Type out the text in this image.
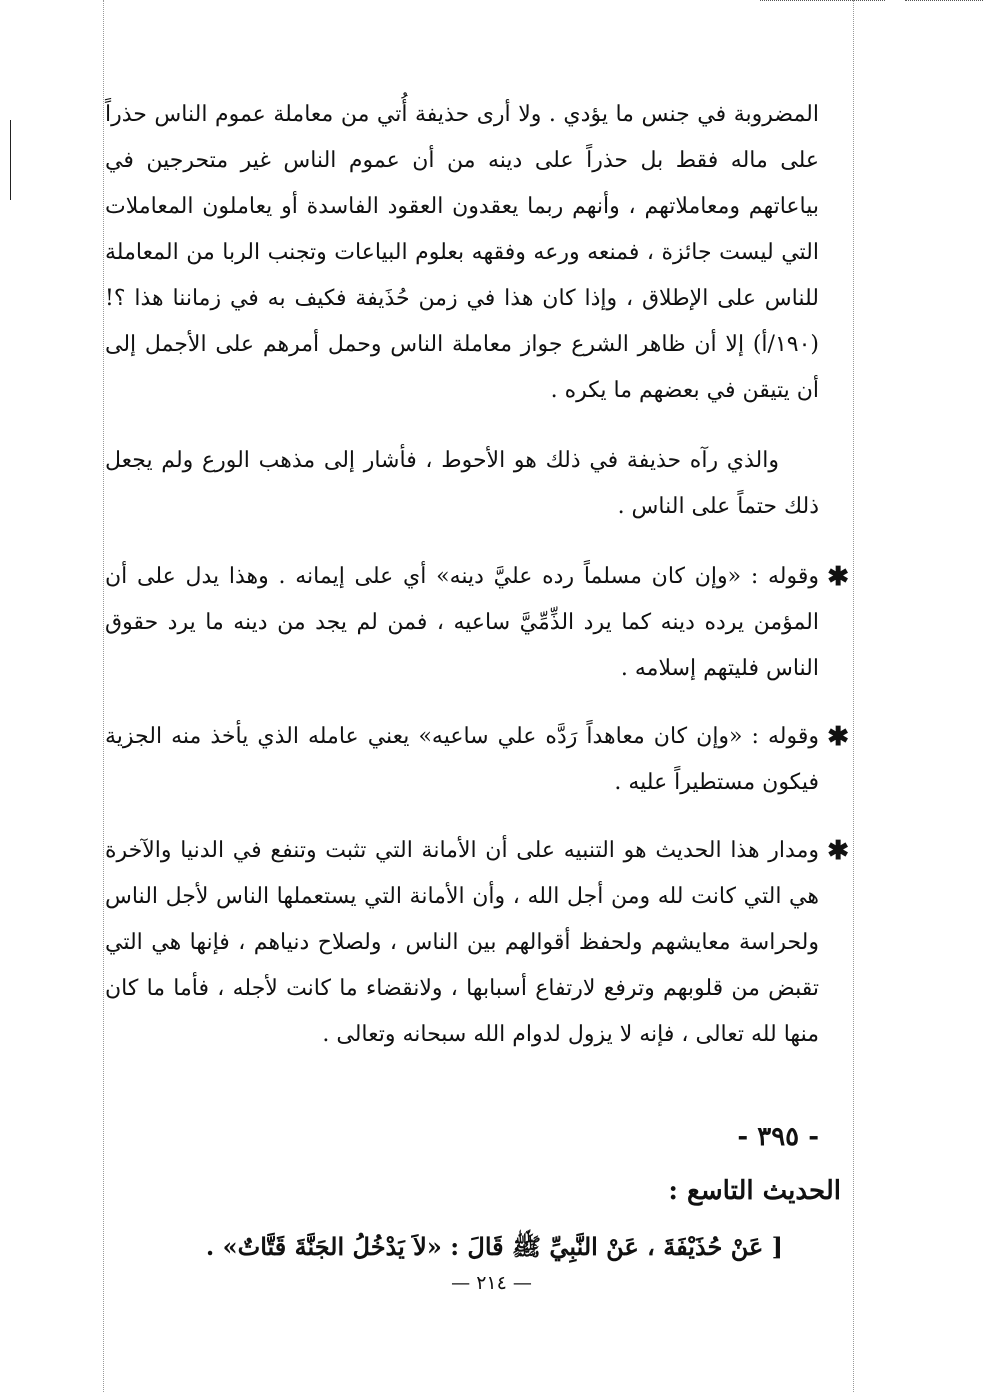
المضروبة في جنس ما يؤدي . ولا أرى حذيفة أُتي من معاملة عموم الناس حذراً على ماله فقط بل حذراً على دينه من أن عموم الناس غير متحرجين في بياعاتهم ومعاملاتهم ، وأنهم ربما يعقدون العقود الفاسدة أو يعاملون المعاملات التي ليست جائزة ، فمنعه ورعه وفقهه بعلوم البياعات وتجنب الربا من المعاملة للناس على الإطلاق ، وإذا كان هذا في زمن حُذَيفة فكيف به في زماننا هذا ؟! (١٩٠/أ) إلا أن ظاهر الشرع جواز معاملة الناس وحمل أمرهم على الأجمل إلى أن يتيقن في بعضهم ما يكره .

والذي رآه حذيفة في ذلك هو الأحوط ، فأشار إلى مذهب الورع ولم يجعل ذلك حتماً على الناس .

✱
وقوله : «وإن كان مسلماً رده عليَّ دينه» أي على إيمانه . وهذا يدل على أن المؤمن يرده دينه كما يرد الذِّمِّيَّ ساعيه ، فمن لم يجد من دينه ما يرد حقوق الناس فليتهم إسلامه .
✱
وقوله : «وإن كان معاهداً رَدَّه علي ساعيه» يعني عامله الذي يأخذ منه الجزية فيكون مستطيراً عليه .
✱
ومدار هذا الحديث هو التنبيه على أن الأمانة التي تثبت وتنفع في الدنيا والآخرة هي التي كانت لله ومن أجل الله ، وأن الأمانة التي يستعملها الناس لأجل الناس ولحراسة معايشهم ولحفظ أقوالهم بين الناس ، ولصلاح دنياهم ، فإنها هي التي تقبض من قلوبهم وترفع لارتفاع أسبابها ، ولانقضاء ما كانت لأجله ، فأما ما كان منها لله تعالى ، فإنه لا يزول لدوام الله سبحانه وتعالى .
- ٣٩٥ -
الحديث التاسع :
[ عَنْ حُذَيْفَةَ ، عَنْ النَّبِيِّ ﷺ قَالَ : «لاَ يَدْخُلُ الجَنَّةَ قَتَّاتٌ» .
— ٢١٤ —
